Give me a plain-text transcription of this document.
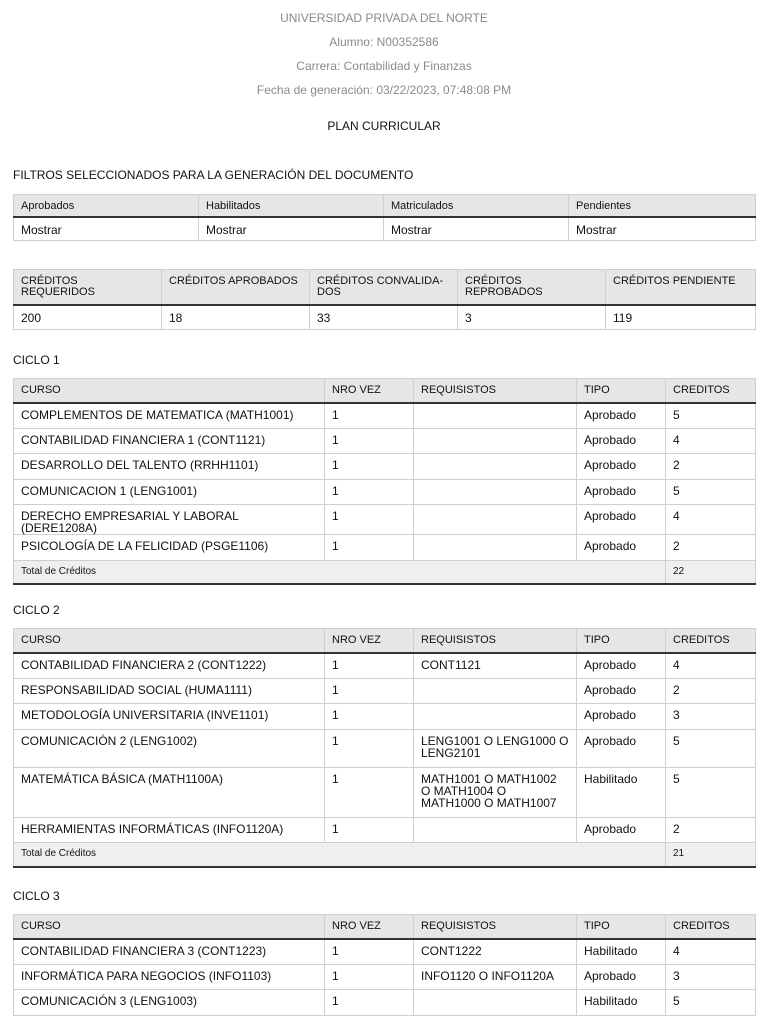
UNIVERSIDAD PRIVADA DEL NORTE
Alumno: N00352586
Carrera: Contabilidad y Finanzas
Fecha de generación: 03/22/2023, 07:48:08 PM
PLAN CURRICULAR
FILTROS SELECCIONADOS PARA LA GENERACIÓN DEL DOCUMENTO
Aprobados	Habilitados	Matriculados	Pendientes
Mostrar	Mostrar	Mostrar	Mostrar
CRÉDITOS REQUERIDOS	CRÉDITOS APROBADOS	CRÉDITOS CONVALIDA-DOS	CRÉDITOS REPROBADOS	CRÉDITOS PENDIENTE
200	18	33	3	119
CICLO 1
CURSO	NRO VEZ	REQUISISTOS	TIPO	CREDITOS
COMPLEMENTOS DE MATEMATICA (MATH1001)	1		Aprobado	5
CONTABILIDAD FINANCIERA 1 (CONT1121)	1		Aprobado	4
DESARROLLO DEL TALENTO (RRHH1101)	1		Aprobado	2
COMUNICACION 1 (LENG1001)	1		Aprobado	5
DERECHO EMPRESARIAL Y LABORAL (DERE1208A)	1		Aprobado	4
PSICOLOGÍA DE LA FELICIDAD (PSGE1106)	1		Aprobado	2
Total de Créditos				22
CICLO 2
CURSO	NRO VEZ	REQUISISTOS	TIPO	CREDITOS
CONTABILIDAD FINANCIERA 2 (CONT1222)	1	CONT1121	Aprobado	4
RESPONSABILIDAD SOCIAL (HUMA1111)	1		Aprobado	2
METODOLOGÍA UNIVERSITARIA (INVE1101)	1		Aprobado	3
COMUNICACIÓN 2 (LENG1002)	1	LENG1001 O LENG1000 O LENG2101	Aprobado	5
MATEMÁTICA BÁSICA (MATH1100A)	1	MATH1001 O MATH1002 O MATH1004 O MATH1000 O MATH1007	Habilitado	5
HERRAMIENTAS INFORMÁTICAS (INFO1120A)	1		Aprobado	2
Total de Créditos				21
CICLO 3
CURSO	NRO VEZ	REQUISISTOS	TIPO	CREDITOS
CONTABILIDAD FINANCIERA 3 (CONT1223)	1	CONT1222	Habilitado	4
INFORMÁTICA PARA NEGOCIOS (INFO1103)	1	INFO1120 O INFO1120A	Aprobado	3
COMUNICACIÓN 3 (LENG1003)	1		Habilitado	5
